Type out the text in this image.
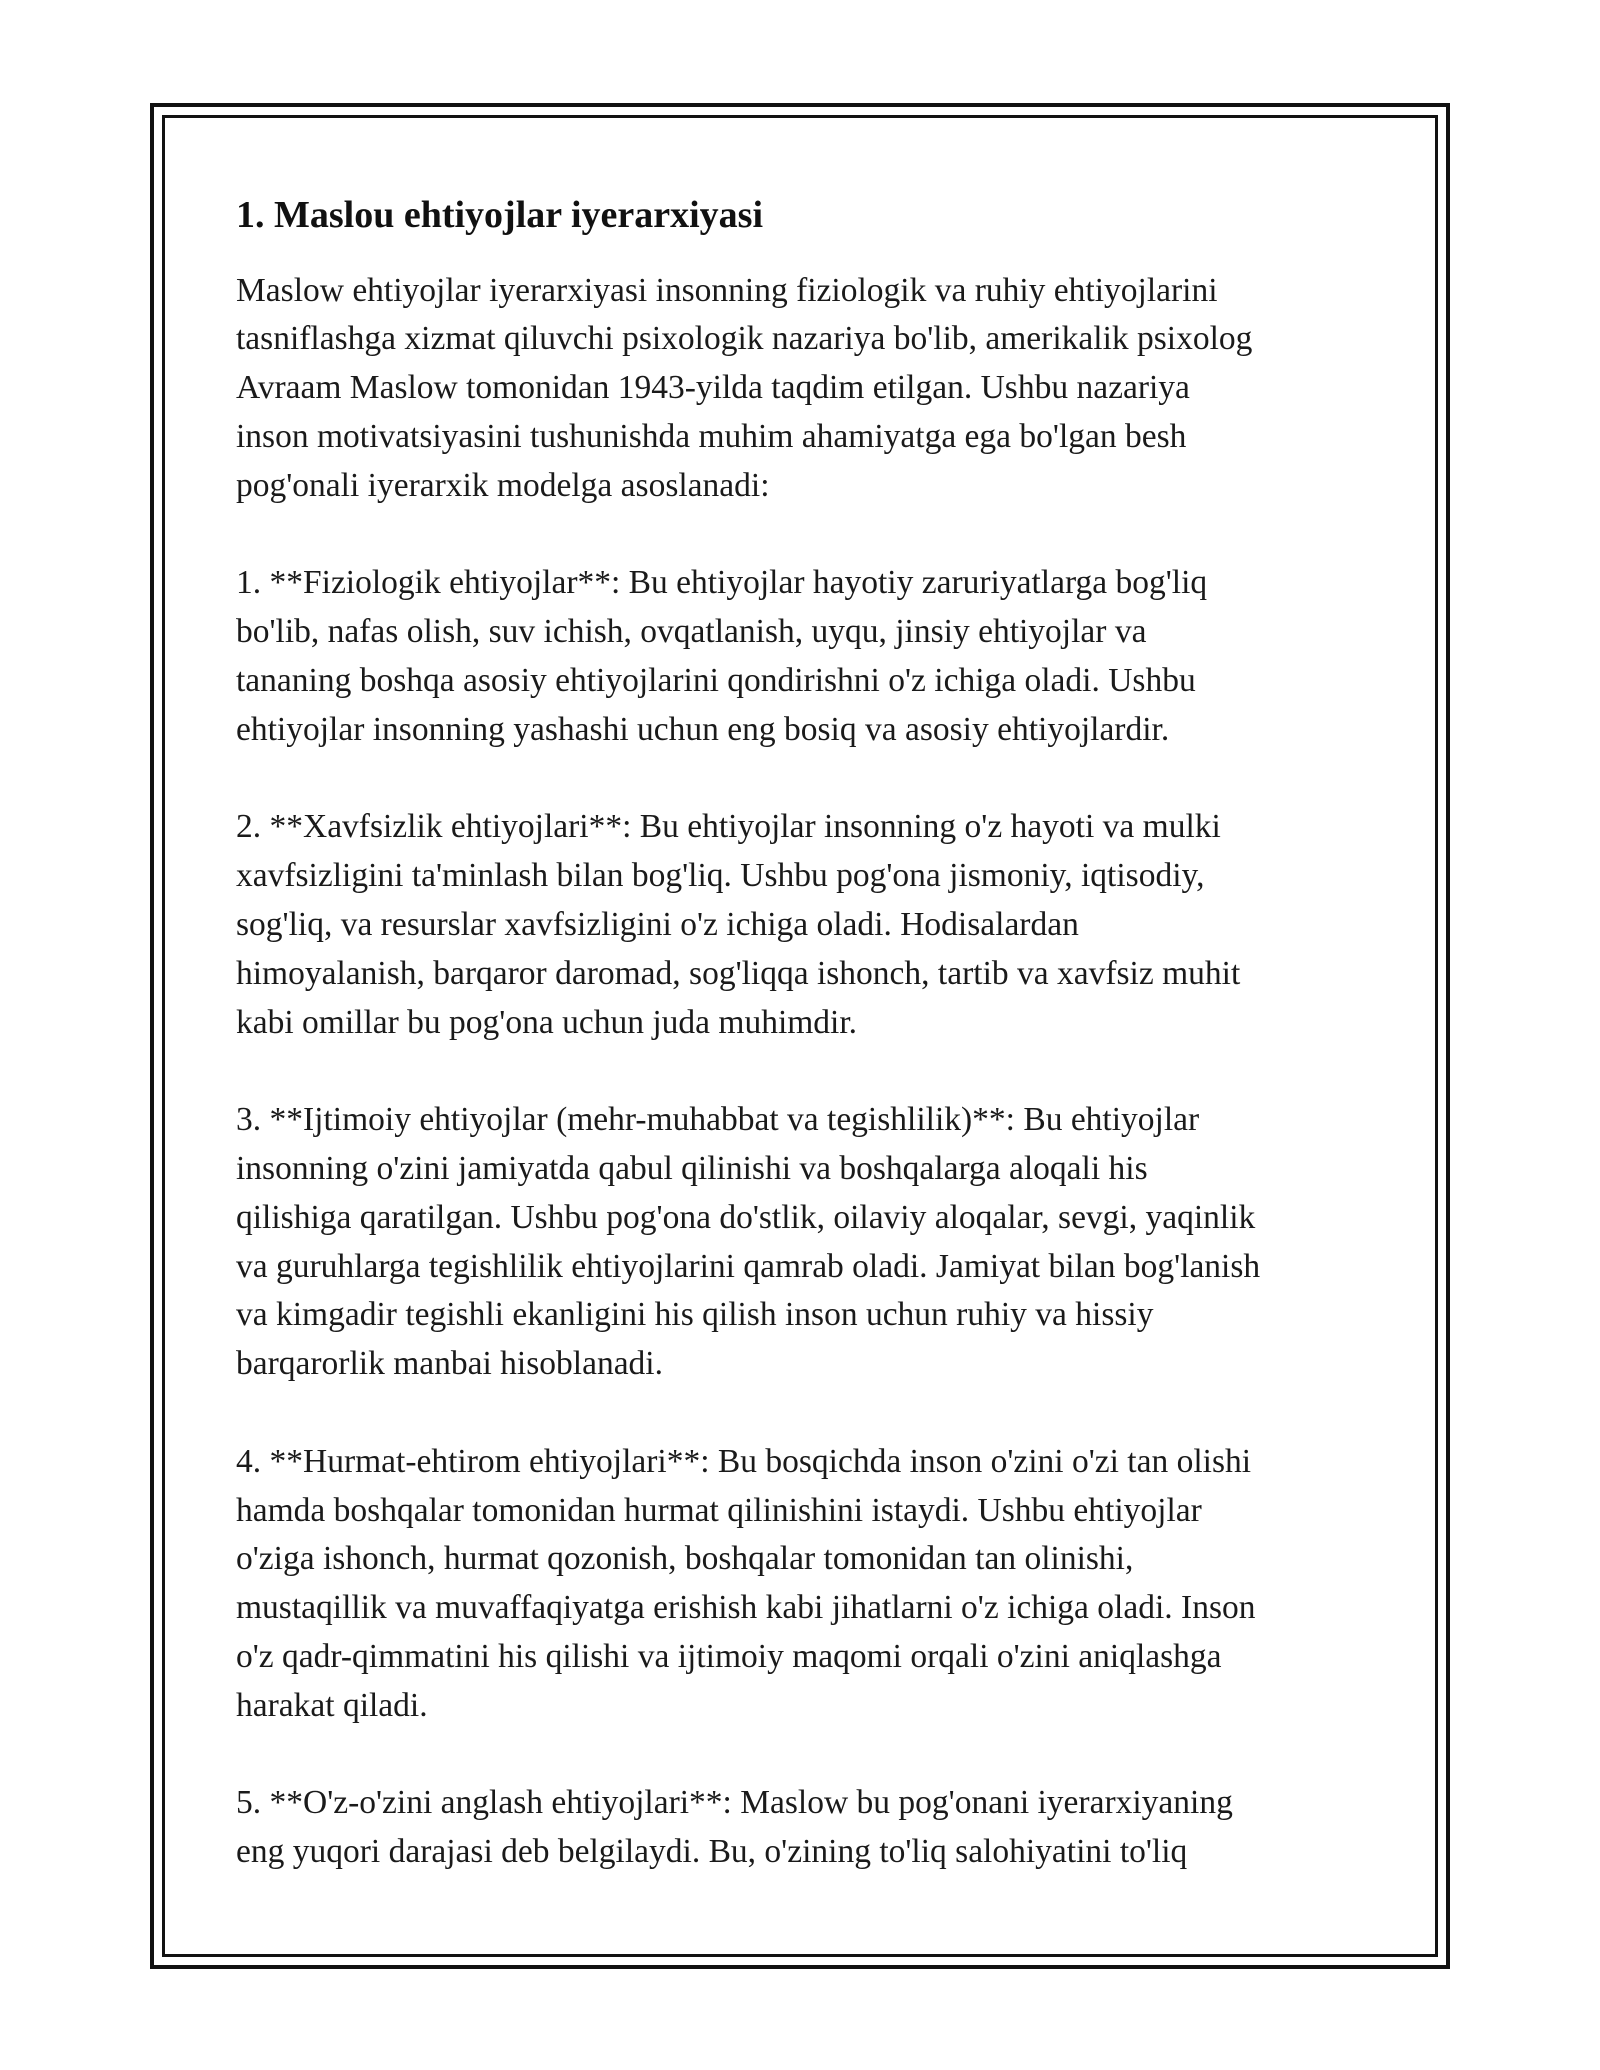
1. Maslou ehtiyojlar iyerarxiyasi
Maslow ehtiyojlar iyerarxiyasi insonning fiziologik va ruhiy ehtiyojlarini
tasniflashga xizmat qiluvchi psixologik nazariya bo'lib, amerikalik psixolog
Avraam Maslow tomonidan 1943-yilda taqdim etilgan. Ushbu nazariya
inson motivatsiyasini tushunishda muhim ahamiyatga ega bo'lgan besh
pog'onali iyerarxik modelga asoslanadi:
1. **Fiziologik ehtiyojlar**: Bu ehtiyojlar hayotiy zaruriyatlarga bog'liq
bo'lib, nafas olish, suv ichish, ovqatlanish, uyqu, jinsiy ehtiyojlar va
tananing boshqa asosiy ehtiyojlarini qondirishni o'z ichiga oladi. Ushbu
ehtiyojlar insonning yashashi uchun eng bosiq va asosiy ehtiyojlardir.
2. **Xavfsizlik ehtiyojlari**: Bu ehtiyojlar insonning o'z hayoti va mulki
xavfsizligini ta'minlash bilan bog'liq. Ushbu pog'ona jismoniy, iqtisodiy,
sog'liq, va resurslar xavfsizligini o'z ichiga oladi. Hodisalardan
himoyalanish, barqaror daromad, sog'liqqa ishonch, tartib va xavfsiz muhit
kabi omillar bu pog'ona uchun juda muhimdir.
3. **Ijtimoiy ehtiyojlar (mehr-muhabbat va tegishlilik)**: Bu ehtiyojlar
insonning o'zini jamiyatda qabul qilinishi va boshqalarga aloqali his
qilishiga qaratilgan. Ushbu pog'ona do'stlik, oilaviy aloqalar, sevgi, yaqinlik
va guruhlarga tegishlilik ehtiyojlarini qamrab oladi. Jamiyat bilan bog'lanish
va kimgadir tegishli ekanligini his qilish inson uchun ruhiy va hissiy
barqarorlik manbai hisoblanadi.
4. **Hurmat-ehtirom ehtiyojlari**: Bu bosqichda inson o'zini o'zi tan olishi
hamda boshqalar tomonidan hurmat qilinishini istaydi. Ushbu ehtiyojlar
o'ziga ishonch, hurmat qozonish, boshqalar tomonidan tan olinishi,
mustaqillik va muvaffaqiyatga erishish kabi jihatlarni o'z ichiga oladi. Inson
o'z qadr-qimmatini his qilishi va ijtimoiy maqomi orqali o'zini aniqlashga
harakat qiladi.
5. **O'z-o'zini anglash ehtiyojlari**: Maslow bu pog'onani iyerarxiyaning
eng yuqori darajasi deb belgilaydi. Bu, o'zining to'liq salohiyatini to'liq
